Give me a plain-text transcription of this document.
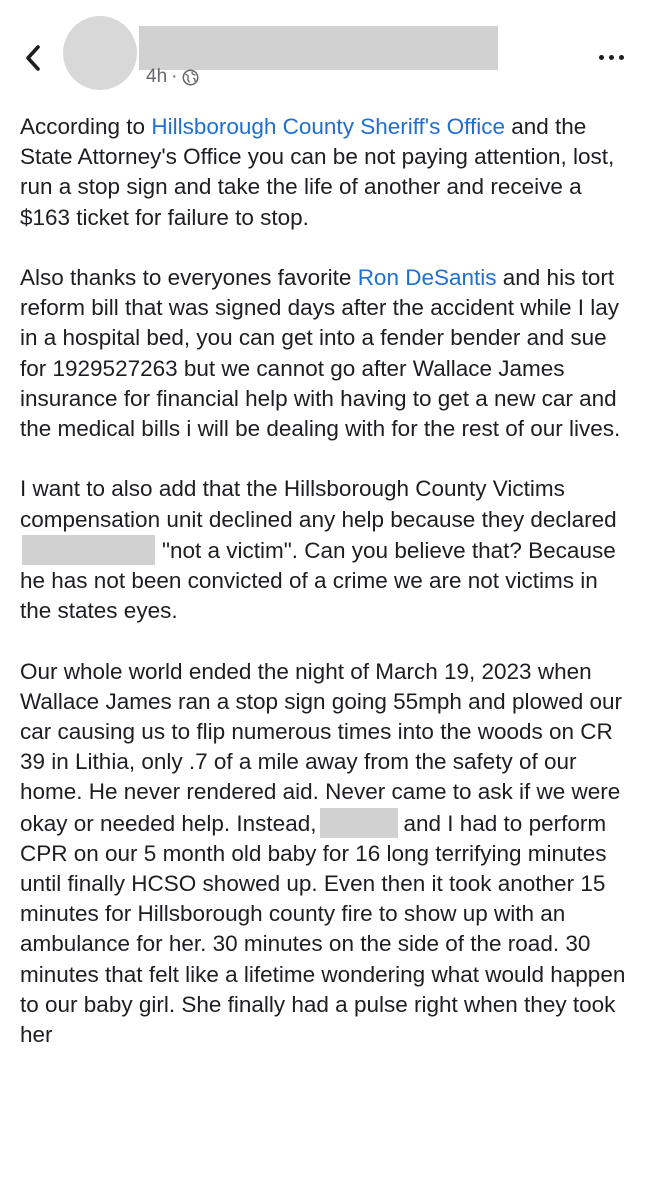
4h ·

According to Hillsborough County Sheriff's Office and the State Attorney's Office you can be not paying attention, lost, run a stop sign and take the life of another and receive a $163 ticket for failure to stop.

Also thanks to everyones favorite Ron DeSantis and his tort reform bill that was signed days after the accident while I lay in a hospital bed, you can get into a fender bender and sue for 1929527263 but we cannot go after Wallace James insurance for financial help with having to get a new car and the medical bills i will be dealing with for the rest of our lives.

I want to also add that the Hillsborough County Victims compensation unit declined any help because they declared"not a victim". Can you believe that? Because he has not been convicted of a crime we are not victims in the states eyes.

Our whole world ended the night of March 19, 2023 when Wallace James ran a stop sign going 55mph and plowed our car causing us to flip numerous times into the woods on CR 39 in Lithia, only .7 of a mile away from the safety of our home. He never rendered aid. Never came to ask if we were okay or needed help. Instead,	and I had to perform CPR on our 5 month old baby for 16 long terrifying minutes until finally HCSO showed up. Even then it took another 15 minutes for Hillsborough county fire to show up with an ambulance for her. 30 minutes on the side of the road. 30 minutes that felt like a lifetime wondering what would happen to our baby girl. She finally had a pulse right when they took her
